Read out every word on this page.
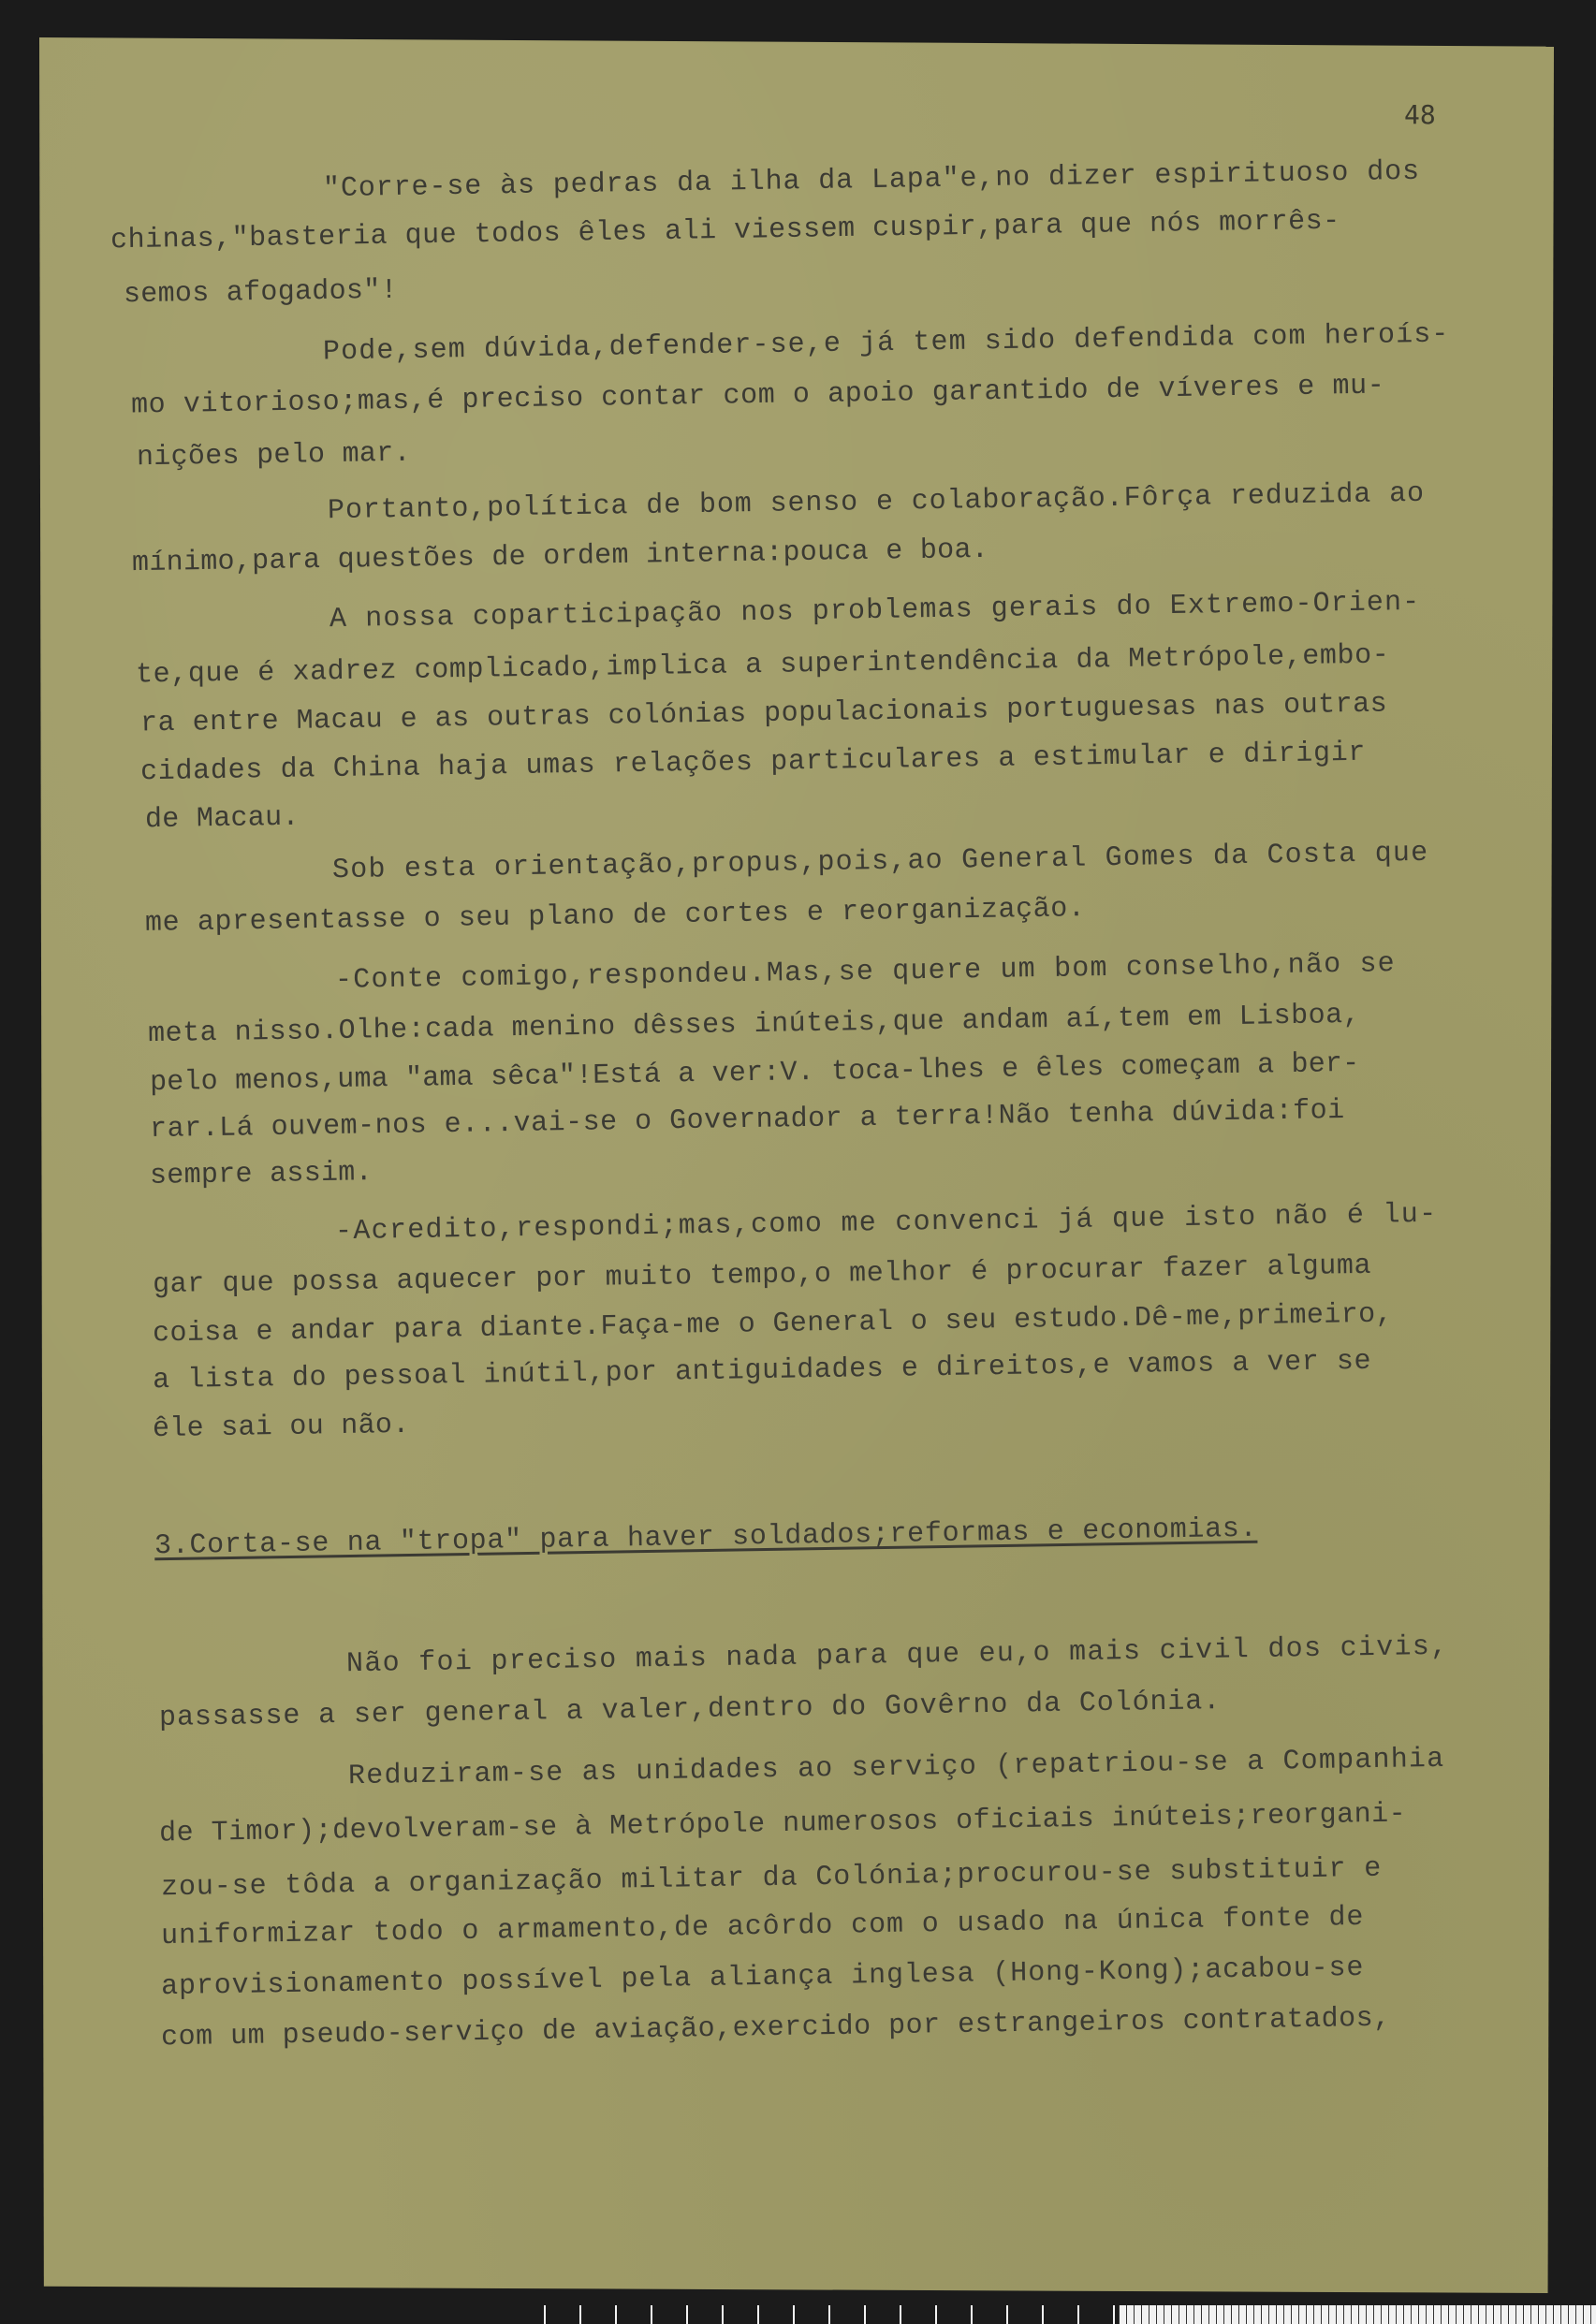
48
"Corre-se às pedras da ilha da Lapa"e,no dizer espirituoso dos
chinas,"basteria que todos êles ali viessem cuspir,para que nós morrês-
semos afogados"!
Pode,sem dúvida,defender-se,e já tem sido defendida com heroís-
mo vitorioso;mas,é preciso contar com o apoio garantido de víveres e mu-
nições pelo mar.
Portanto,política de bom senso e colaboração.Fôrça reduzida ao
mínimo,para questões de ordem interna:pouca e boa.
A nossa coparticipação nos problemas gerais do Extremo-Orien-
te,que é xadrez complicado,implica a superintendência da Metrópole,embo-
ra entre Macau e as outras colónias populacionais portuguesas nas outras
cidades da China haja umas relações particulares a estimular e dirigir
de Macau.
Sob esta orientação,propus,pois,ao General Gomes da Costa que
me apresentasse o seu plano de cortes e reorganização.
-Conte comigo,respondeu.Mas,se quere um bom conselho,não se
meta nisso.Olhe:cada menino dêsses inúteis,que andam aí,tem em Lisboa,
pelo menos,uma "ama sêca"!Está a ver:V. toca-lhes e êles começam a ber-
rar.Lá ouvem-nos e...vai-se o Governador a terra!Não tenha dúvida:foi
sempre assim.
-Acredito,respondi;mas,como me convenci já que isto não é lu-
gar que possa aquecer por muito tempo,o melhor é procurar fazer alguma
coisa e andar para diante.Faça-me o General o seu estudo.Dê-me,primeiro,
a lista do pessoal inútil,por antiguidades e direitos,e vamos a ver se
êle sai ou não.
3.Corta-se na "tropa" para haver soldados;reformas e economias.
Não foi preciso mais nada para que eu,o mais civil dos civis,
passasse a ser general a valer,dentro do Govêrno da Colónia.
Reduziram-se as unidades ao serviço (repatriou-se a Companhia
de Timor);devolveram-se à Metrópole numerosos oficiais inúteis;reorgani-
zou-se tôda a organização militar da Colónia;procurou-se substituir e
uniformizar todo o armamento,de acôrdo com o usado na única fonte de
aprovisionamento possível pela aliança inglesa (Hong-Kong);acabou-se
com um pseudo-serviço de aviação,exercido por estrangeiros contratados,
